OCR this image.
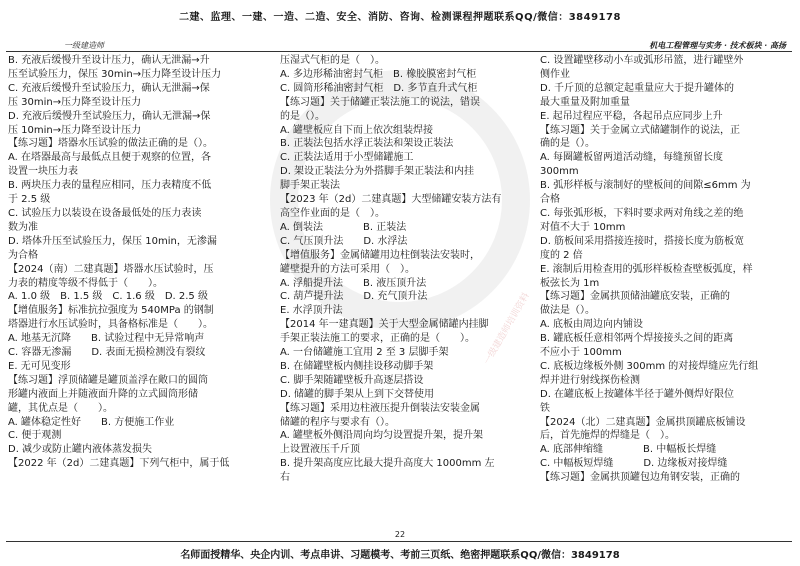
一级建造师培训资料
二建、监理、一建、一造、二造、安全、消防、咨询、检测课程押题联系QQ/微信：3849178
一级建造师	机电工程管理与实务 · 技术板块 · 高扬

B. 充液后缓慢升至设计压力，确认无泄漏→升

压至试验压力，保压 30min→压力降至设计压力

C. 充液后缓慢升至试验压力，确认无泄漏→保

压 30min→压力降至设计压力

D. 充液后缓慢升至试验压力，确认无泄漏→保

压 10min→压力降至设计压力

【练习题】塔器水压试验的做法正确的是（）。

A. 在塔器最高与最低点且便于观察的位置，各

设置一块压力表

B. 两块压力表的量程应相同，压力表精度不低

于 2.5 级

C. 试验压力以装设在设备最低处的压力表读

数为准

D. 塔体升压至试验压力，保压 10min，无渗漏

为合格

【2024（南）二建真题】塔器水压试验时，压

力表的精度等级不得低于（　　）。

A. 1.0 级　B. 1.5 级　C. 1.6 级　D. 2.5 级

【增值服务】标准抗拉强度为 540MPa 的钢制

塔器进行水压试验时，具备格标准是（　　）。

A. 地基无沉降　　B. 试验过程中无异常响声

C. 容器无渗漏　　D. 表面无损检测没有裂纹

E. 无可见变形

【练习题】浮顶储罐是罐顶盖浮在敞口的圆筒

形罐内液面上并随液面升降的立式圆筒形储

罐，其优点是（　　）。

A. 罐体稳定性好　　B. 方便施工作业

C. 便于观测

D. 减少或防止罐内液体蒸发损失

【2022 年（2d）二建真题】下列气柜中，属于低

压湿式气柜的是（　）。

A. 多边形稀油密封气柜　B. 橡胶膜密封气柜

C. 圆筒形稀油密封气柜　D. 多节直升式气柜

【练习题】关于储罐正装法施工的说法，错误

的是（）。

A. 罐壁板应自下而上依次组装焊接

B. 正装法包括水浮正装法和架设正装法

C. 正装法适用于小型储罐施工

D. 架设正装法分为外搭脚手架正装法和内挂

脚手架正装法

【2023 年（2d）二建真题】大型储罐安装方法有

高空作业面的是（　）。

A. 倒装法　　　　B. 正装法

C. 气压顶升法　　D. 水浮法

【增值服务】金属储罐用边柱倒装法安装时，

罐壁提升的方法可采用（　）。

A. 浮船提升法　　B. 液压顶升法

C. 葫芦提升法　　D. 充气顶升法

E. 水浮顶升法

【2014 年一建真题】关于大型金属储罐内挂脚

手架正装法施工的要求，正确的是（　　）。

A. 一台储罐施工宜用 2 至 3 层脚手架

B. 在储罐壁板内侧挂设移动脚手架

C. 脚手架随罐壁板升高逐层搭设

D. 储罐的脚手架从上到下交替使用

【练习题】采用边柱液压提升倒装法安装金属

储罐的程序与要求有（）。

A. 罐壁板外侧沿周向均匀设置提升架，提升架

上设置液压千斤顶

B. 提升架高度应比最大提升高度大 1000mm 左

右

C. 设置罐壁移动小车或弧形吊篮，进行罐壁外

侧作业

D. 千斤顶的总额定起重量应大于提升罐体的

最大重量及附加重量

E. 起吊过程应平稳，各起吊点应同步上升

【练习题】关于金属立式储罐制作的说法，正

确的是（）。

A. 每圈罐板留两道活动缝，每缝预留长度

300mm

B. 弧形样板与滚制好的壁板间的间隙≤6mm 为

合格

C. 每张弧形板，下料时要求两对角线之差的绝

对值不大于 10mm

D. 筋板间采用搭接连接时，搭接长度为筋板宽

度的 2 倍

E. 滚制后用检查用的弧形样板检查壁板弧度，样

板弦长为 1m

【练习题】金属拱顶储油罐底安装，正确的

做法是（）。

A. 底板由周边向内铺设

B. 罐底板任意相邻两个焊接接头之间的距离

不应小于 100mm

C. 底板边缘板外侧 300mm 的对接焊缝应先行组

焊并进行射线探伤检测

D. 在罐底板上按罐体半径于罐外侧焊好限位

铁

【2024（北）二建真题】金属拱顶罐底板铺设

后，首先施焊的焊缝是（　）。

A. 底部伸缩缝　　　　B. 中幅板长焊缝

C. 中幅板短焊缝　　　D. 边缘板对接焊缝

【练习题】金属拱顶罐包边角钢安装，正确的

22
名师面授精华、央企内训、考点串讲、习题模考、考前三页纸、绝密押题联系QQ/微信：3849178
